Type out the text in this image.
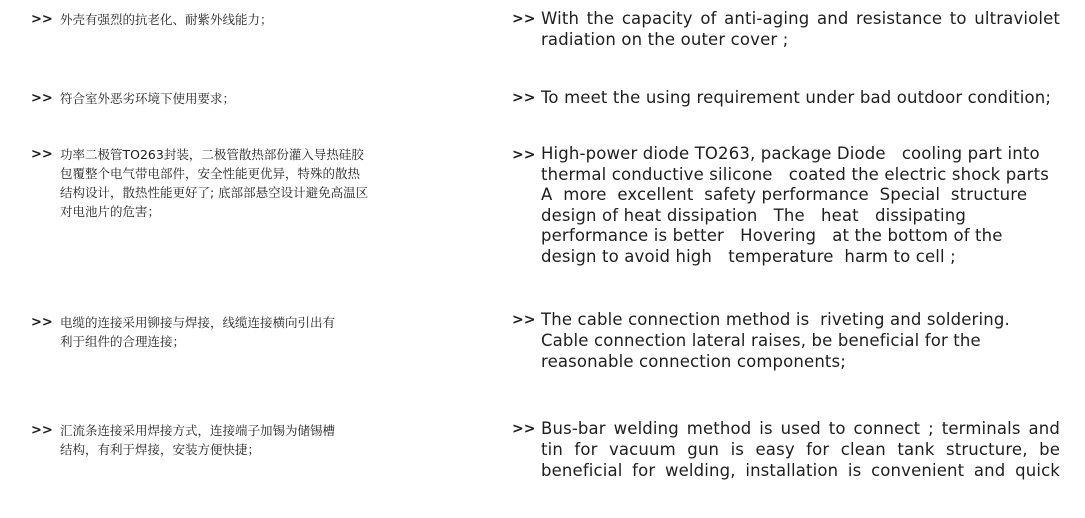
>> 外壳有强烈的抗老化、耐紫外线能力；
>> 符合室外恶劣环境下使用要求；
>> 功率二极管TO263封装，二极管散热部份灌入导热硅胶
包覆整个电气带电部件，安全性能更优异，特殊的散热
结构设计，散热性能更好了; 底部部悬空设计避免高温区
对电池片的危害；
>> 电缆的连接采用铆接与焊接，线缆连接横向引出有
利于组件的合理连接；
>> 汇流条连接采用焊接方式，连接端子加锡为储锡槽
结构，有利于焊接，安装方便快捷；
>> With the capacity of anti-aging and resistance to ultraviolet
radiation on the outer cover ;
>> To meet the using requirement under bad outdoor condition;
>> High-power diode TO263, package Diode   cooling part into
thermal conductive silicone   coated the electric shock parts
A  more  excellent  safety performance  Special  structure
design of heat dissipation   The   heat   dissipating
performance is better   Hovering   at the bottom of the
design to avoid high   temperature  harm to cell ;
>> The cable connection method is  riveting and soldering.
Cable connection lateral raises, be beneficial for the
reasonable connection components;
>> Bus-bar welding method is used to connect ; terminals and
tin for vacuum gun is easy for clean tank structure, be
beneficial for welding, installation is convenient and quick
